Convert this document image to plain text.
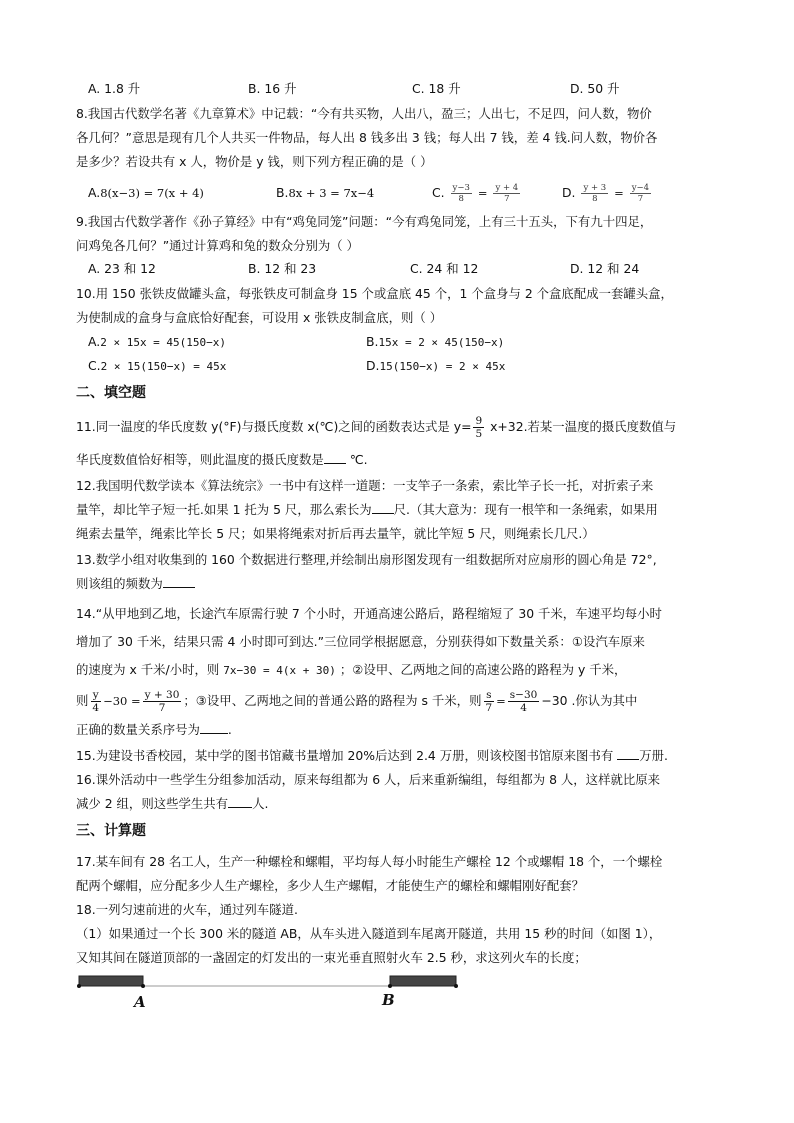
A. 1.8 升	B. 16 升	C. 18 升	D. 50 升
8.我国古代数学名著《九章算术》中记载：“今有共买物，人出八，盈三；人出七，不足四，问人数，物价
各几何？”意思是现有几个人共买一件物品，每人出 8 钱多出 3 钱；每人出 7 钱，差 4 钱.问人数，物价各
是多少？若设共有 x 人，物价是 y 钱，则下列方程正确的是（ ）
A.8(x−3) = 7(x + 4)	B.8x + 3 = 7x−4	C. $\frac{y-3}{8} = \frac{y + 4}{7}$	D. $\frac{y + 3}{8} = \frac{y-4}{7}$
9.我国古代数学著作《孙子算经》中有“鸡兔同笼”问题：“今有鸡兔同笼，上有三十五头，下有九十四足，
问鸡兔各几何？”通过计算鸡和兔的数众分别为（ ）
A. 23 和 12	B. 12 和 23	C. 24 和 12	D. 12 和 24
10.用 150 张铁皮做罐头盒，每张铁皮可制盒身 15 个或盒底 45 个，1 个盒身与 2 个盒底配成一套罐头盒，
为使制成的盒身与盒底恰好配套，可设用 x 张铁皮制盒底，则（ ）
A.2 × 15x = 45(150−x)	B.15x = 2 × 45(150−x)
C.2 × 15(150−x) = 45x	D.15(150−x) = 2 × 45x
二、填空题
11.同一温度的华氏度数 y(°F)与摄氏度数 x(℃)之间的函数表达式是 $y= \frac{9}{5} x+32$.若某一温度的摄氏度数值与
华氏度数值恰好相等，则此温度的摄氏度数是 ℃.
12.我国明代数学读本《算法统宗》一书中有这样一道题：一支竿子一条索，索比竿子长一托，对折索子来
量竿，却比竿子短一托.如果 1 托为 5 尺，那么索长为 尺.（其大意为：现有一根竿和一条绳索，如果用
绳索去量竿，绳索比竿长 5 尺；如果将绳索对折后再去量竿，就比竿短 5 尺，则绳索长几尺.）
13.数学小组对收集到的 160 个数据进行整理,并绘制出扇形图发现有一组数据所对应扇形的圆心角是 72°,
则该组的频数为
14.“从甲地到乙地，长途汽车原需行驶 7 个小时，开通高速公路后，路程缩短了 30 千米，车速平均每小时
增加了 30 千米，结果只需 4 小时即可到达.”三位同学根据愿意，分别获得如下数量关系：①设汽车原来
的速度为 x 千米/小时，则 7x−30 = 4(x + 30) ；②设甲、乙两地之间的高速公路的路程为 y 千米，
则 $\frac{y}{4} -30 = \frac{y + 30}{7}$ ；③设甲、乙两地之间的普通公路的路程为 s 千米，则 $\frac{s}{7} = \frac{s-30}{4} -30$ .你认为其中
正确的数量关系序号为 .
15.为建设书香校园，某中学的图书馆藏书量增加 20%后达到 2.4 万册，则该校图书馆原来图书有 万册.
16.课外活动中一些学生分组参加活动，原来每组都为 6 人，后来重新编组，每组都为 8 人，这样就比原来
减少 2 组，则这些学生共有 人.
三、计算题
17.某车间有 28 名工人，生产一种螺栓和螺帽，平均每人每小时能生产螺栓 12 个或螺帽 18 个，一个螺栓
配两个螺帽，应分配多少人生产螺栓，多少人生产螺帽，才能使生产的螺栓和螺帽刚好配套？
18.一列匀速前进的火车，通过列车隧道.
（1）如果通过一个长 300 米的隧道 AB，从车头进入隧道到车尾离开隧道，共用 15 秒的时间（如图 1），
又知其间在隧道顶部的一盏固定的灯发出的一束光垂直照射火车 2.5 秒，求这列火车的长度；
A	B
